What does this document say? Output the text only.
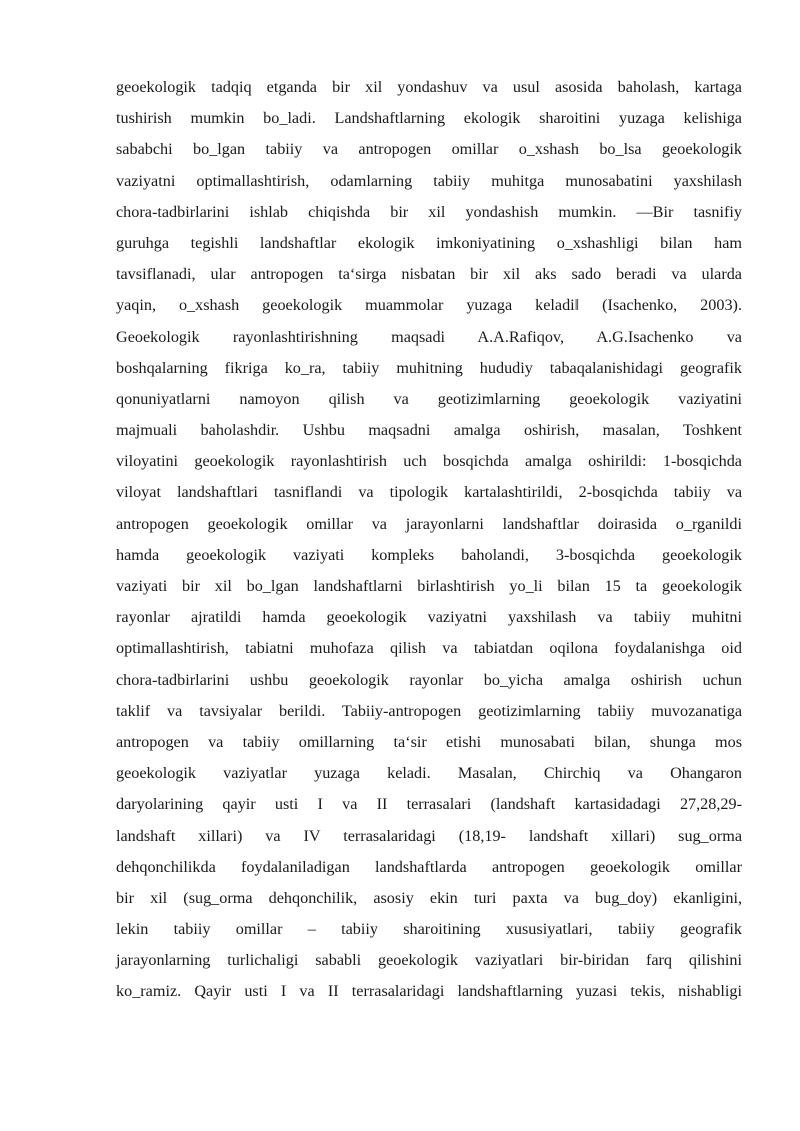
geoekologik tadqiq etganda bir xil yondashuv va usul asosida baholash, kartaga
tushirish mumkin bo_ladi. Landshaftlarning ekologik sharoitini yuzaga kelishiga
sababchi bo_lgan tabiiy va antropogen omillar o_xshash bo_lsa geoekologik
vaziyatni optimallashtirish, odamlarning tabiiy muhitga munosabatini yaxshilash
chora-tadbirlarini ishlab chiqishda bir xil yondashish mumkin. ―Bir tasnifiy
guruhga tegishli landshaftlar ekologik imkoniyatining o_xshashligi bilan ham
tavsiflanadi, ular antropogen ta‘sirga nisbatan bir xil aks sado beradi va ularda
yaqin, o_xshash geoekologik muammolar yuzaga keladi‖ (Isachenko, 2003).
Geoekologik rayonlashtirishning maqsadi A.A.Rafiqov, A.G.Isachenko va
boshqalarning fikriga ko_ra, tabiiy muhitning hududiy tabaqalanishidagi geografik
qonuniyatlarni namoyon qilish va geotizimlarning geoekologik vaziyatini
majmuali baholashdir. Ushbu maqsadni amalga oshirish, masalan, Toshkent
viloyatini geoekologik rayonlashtirish uch bosqichda amalga oshirildi: 1-bosqichda
viloyat landshaftlari tasniflandi va tipologik kartalashtirildi, 2-bosqichda tabiiy va
antropogen geoekologik omillar va jarayonlarni landshaftlar doirasida o_rganildi
hamda geoekologik vaziyati kompleks baholandi, 3-bosqichda geoekologik
vaziyati bir xil bo_lgan landshaftlarni birlashtirish yo_li bilan 15 ta geoekologik
rayonlar ajratildi hamda geoekologik vaziyatni yaxshilash va tabiiy muhitni
optimallashtirish, tabiatni muhofaza qilish va tabiatdan oqilona foydalanishga oid
chora-tadbirlarini ushbu geoekologik rayonlar bo_yicha amalga oshirish uchun
taklif va tavsiyalar berildi. Tabiiy-antropogen geotizimlarning tabiiy muvozanatiga
antropogen va tabiiy omillarning ta‘sir etishi munosabati bilan, shunga mos
geoekologik vaziyatlar yuzaga keladi. Masalan, Chirchiq va Ohangaron
daryolarining qayir usti I va II terrasalari (landshaft kartasidadagi 27,28,29-
landshaft xillari) va IV terrasalaridagi (18,19- landshaft xillari) sug_orma
dehqonchilikda foydalaniladigan landshaftlarda antropogen geoekologik omillar
bir xil (sug_orma dehqonchilik, asosiy ekin turi paxta va bug_doy) ekanligini,
lekin tabiiy omillar – tabiiy sharoitining xususiyatlari, tabiiy geografik
jarayonlarning turlichaligi sababli geoekologik vaziyatlari bir-biridan farq qilishini
ko_ramiz. Qayir usti I va II terrasalaridagi landshaftlarning yuzasi tekis, nishabligi
